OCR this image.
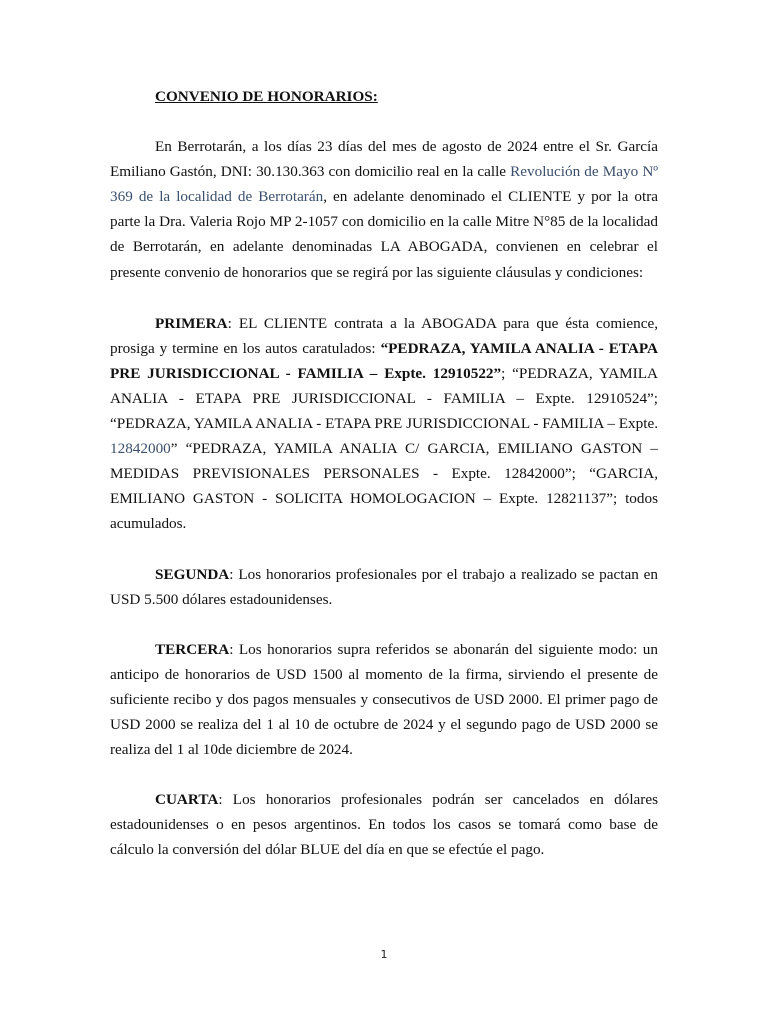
CONVENIO DE HONORARIOS:

En Berrotarán, a los días 23 días del mes de agosto de 2024 entre el Sr. García Emiliano Gastón, DNI: 30.130.363 con domicilio real en la calle Revolución de Mayo Nº 369 de la localidad de Berrotarán, en adelante denominado el CLIENTE y por la otra parte la Dra. Valeria Rojo MP 2-1057 con domicilio en la calle Mitre N°85 de la localidad de Berrotarán, en adelante denominadas LA ABOGADA, convienen en celebrar el presente convenio de honorarios que se regirá por las siguiente cláusulas y condiciones:

PRIMERA: EL CLIENTE contrata a la ABOGADA para que ésta comience, prosiga y termine en los autos caratulados: “PEDRAZA, YAMILA ANALIA - ETAPA PRE JURISDICCIONAL - FAMILIA – Expte. 12910522”; “PEDRAZA, YAMILA ANALIA - ETAPA PRE JURISDICCIONAL - FAMILIA – Expte. 12910524”; “PEDRAZA, YAMILA ANALIA - ETAPA PRE JURISDICCIONAL - FAMILIA – Expte. 12842000” “PEDRAZA, YAMILA ANALIA C/ GARCIA, EMILIANO GASTON – MEDIDAS PREVISIONALES PERSONALES - Expte. 12842000”; “GARCIA, EMILIANO GASTON - SOLICITA HOMOLOGACION – Expte. 12821137”; todos acumulados.

SEGUNDA: Los honorarios profesionales por el trabajo a realizado se pactan en USD 5.500 dólares estadounidenses.

TERCERA: Los honorarios supra referidos se abonarán del siguiente modo: un anticipo de honorarios de USD 1500 al momento de la firma, sirviendo el presente de suficiente recibo y dos pagos mensuales y consecutivos de USD 2000. El primer pago de USD 2000 se realiza del 1 al 10 de octubre de 2024 y el segundo pago de USD 2000 se realiza del 1 al 10de diciembre de 2024.

CUARTA: Los honorarios profesionales podrán ser cancelados en dólares estadounidenses o en pesos argentinos. En todos los casos se tomará como base de cálculo la conversión del dólar BLUE del día en que se efectúe el pago.

1
